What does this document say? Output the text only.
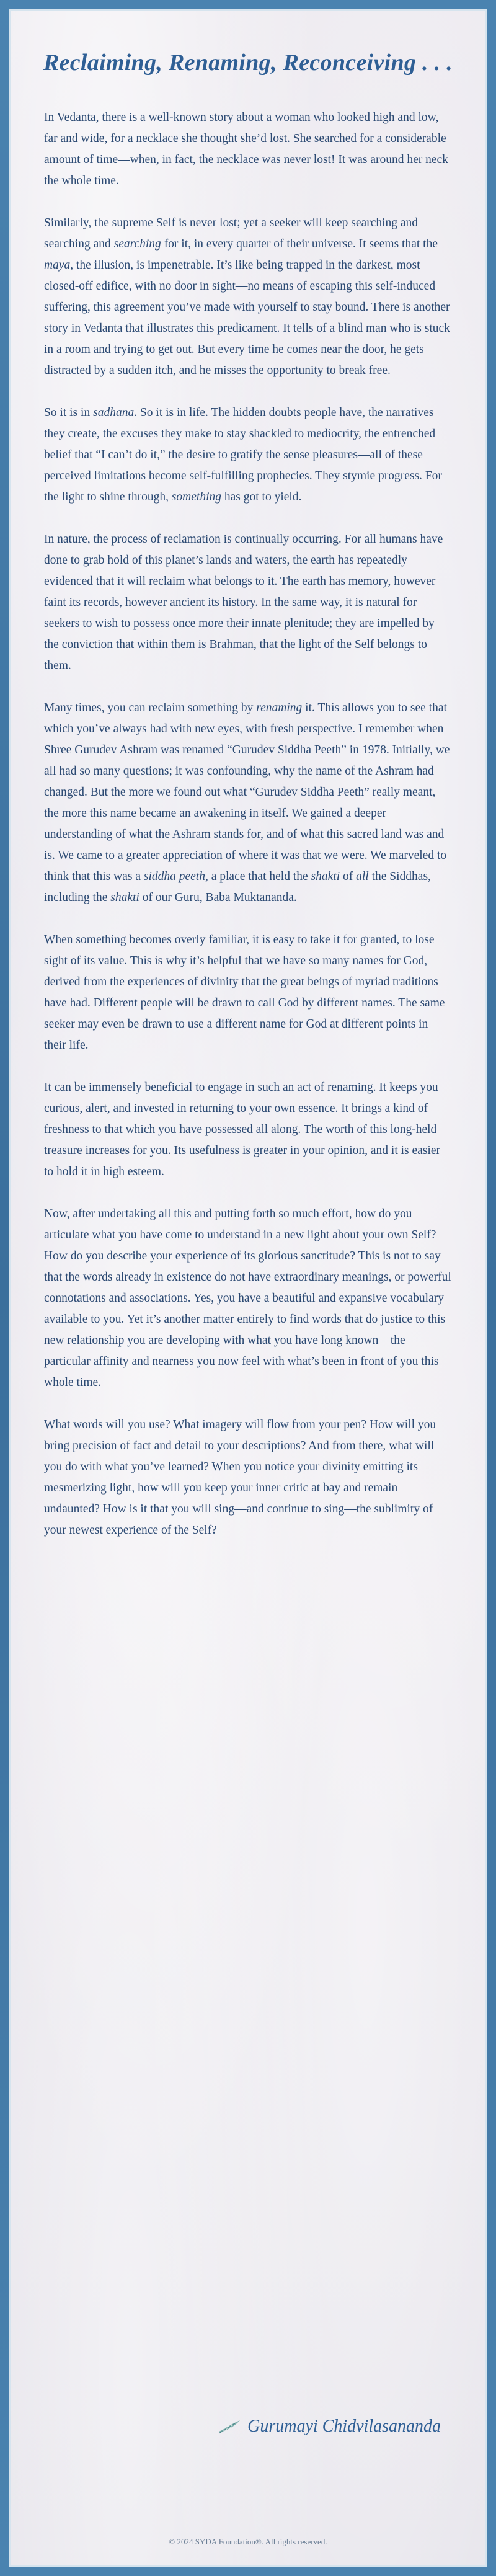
Reclaiming, Renaming, Reconceiving . . .

In Vedanta, there is a well-known story about a woman who looked high and low, far and wide, for a necklace she thought she’d lost. She searched for a considerable amount of time—when, in fact, the necklace was never lost! It was around her neck the whole time.

Similarly, the supreme Self is never lost; yet a seeker will keep searching and searching and searching for it, in every quarter of their universe. It seems that the maya, the illusion, is impenetrable. It’s like being trapped in the darkest, most closed-off edifice, with no door in sight—no means of escaping this self-induced suffering, this agreement you’ve made with yourself to stay bound. There is another story in Vedanta that illustrates this predicament. It tells of a blind man who is stuck in a room and trying to get out. But every time he comes near the door, he gets distracted by a sudden itch, and he misses the opportunity to break free.

So it is in sadhana. So it is in life. The hidden doubts people have, the narratives they create, the excuses they make to stay shackled to mediocrity, the entrenched belief that “I can’t do it,” the desire to gratify the sense pleasures—all of these perceived limitations become self-fulfilling prophecies. They stymie progress. For the light to shine through, something has got to yield.

In nature, the process of reclamation is continually occurring. For all humans have done to grab hold of this planet’s lands and waters, the earth has repeatedly evidenced that it will reclaim what belongs to it. The earth has memory, however faint its records, however ancient its history. In the same way, it is natural for seekers to wish to possess once more their innate plenitude; they are impelled by the conviction that within them is Brahman, that the light of the Self belongs to them.

Many times, you can reclaim something by renaming it. This allows you to see that which you’ve always had with new eyes, with fresh perspective. I remember when Shree Gurudev Ashram was renamed “Gurudev Siddha Peeth” in 1978. Initially, we all had so many questions; it was confounding, why the name of the Ashram had changed. But the more we found out what “Gurudev Siddha Peeth” really meant, the more this name became an awakening in itself. We gained a deeper understanding of what the Ashram stands for, and of what this sacred land was and is. We came to a greater appreciation of where it was that we were. We marveled to think that this was a siddha peeth, a place that held the shakti of all the Siddhas, including the shakti of our Guru, Baba Muktananda.

When something becomes overly familiar, it is easy to take it for granted, to lose sight of its value. This is why it’s helpful that we have so many names for God, derived from the experiences of divinity that the great beings of myriad traditions have had. Different people will be drawn to call God by different names. The same seeker may even be drawn to use a different name for God at different points in their life.

It can be immensely beneficial to engage in such an act of renaming. It keeps you curious, alert, and invested in returning to your own essence. It brings a kind of freshness to that which you have possessed all along. The worth of this long-held treasure increases for you. Its usefulness is greater in your opinion, and it is easier to hold it in high esteem.

Now, after undertaking all this and putting forth so much effort, how do you articulate what you have come to understand in a new light about your own Self? How do you describe your experience of its glorious sanctitude? This is not to say that the words already in existence do not have extraordinary meanings, or powerful connotations and associations. Yes, you have a beautiful and expansive vocabulary available to you. Yet it’s another matter entirely to find words that do justice to this new relationship you are developing with what you have long known—the particular affinity and nearness you now feel with what’s been in front of you this whole time.

What words will you use? What imagery will flow from your pen? How will you bring precision of fact and detail to your descriptions? And from there, what will you do with what you’ve learned? When you notice your divinity emitting its mesmerizing light, how will you keep your inner critic at bay and remain undaunted? How is it that you will sing—and continue to sing—the sublimity of your newest experience of the Self?

Gurumayi Chidvilasananda
© 2024 SYDA Foundation®. All rights reserved.
